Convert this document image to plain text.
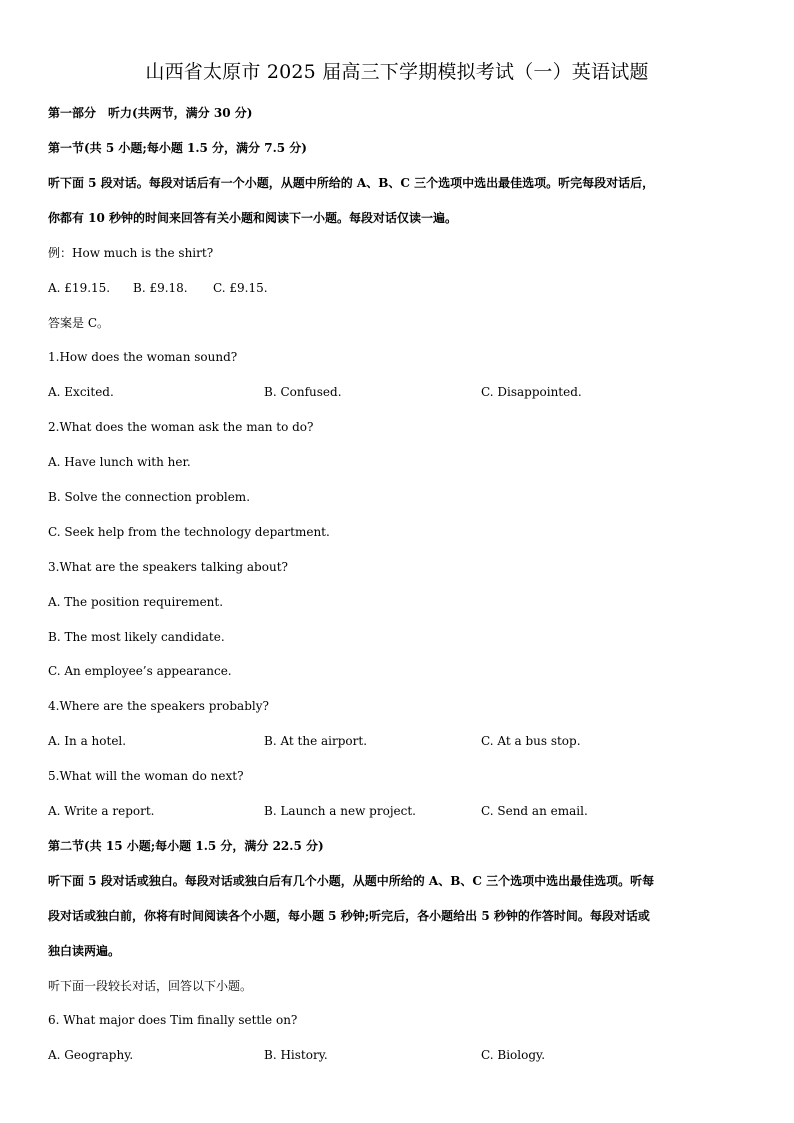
山西省太原市 2025 届高三下学期模拟考试（一）英语试题
第一部分　听力(共两节，满分 30 分)
第一节(共 5 小题;每小题 1.5 分，满分 7.5 分)
听下面 5 段对话。每段对话后有一个小题，从题中所给的 A、B、C 三个选项中选出最佳选项。听完每段对话后，
你都有 10 秒钟的时间来回答有关小题和阅读下一小题。每段对话仅读一遍。
例：How much is the shirt?
A. £19.15. B. £9.18. C. £9.15.
答案是 C。
1.How does the woman sound?
A. Excited.	B. Confused.	C. Disappointed.
2.What does the woman ask the man to do?
A. Have lunch with her.
B. Solve the connection problem.
C. Seek help from the technology department.
3.What are the speakers talking about?
A. The position requirement.
B. The most likely candidate.
C. An employee’s appearance.
4.Where are the speakers probably?
A. In a hotel.	B. At the airport.	C. At a bus stop.
5.What will the woman do next?
A. Write a report.	B. Launch a new project.	C. Send an email.
第二节(共 15 小题;每小题 1.5 分，满分 22.5 分)
听下面 5 段对话或独白。每段对话或独白后有几个小题，从题中所给的 A、B、C 三个选项中选出最佳选项。听每
段对话或独白前，你将有时间阅读各个小题，每小题 5 秒钟;听完后，各小题给出 5 秒钟的作答时间。每段对话或
独白读两遍。
听下面一段较长对话，回答以下小题。
6. What major does Tim finally settle on?
A. Geography.	B. History.	C. Biology.
